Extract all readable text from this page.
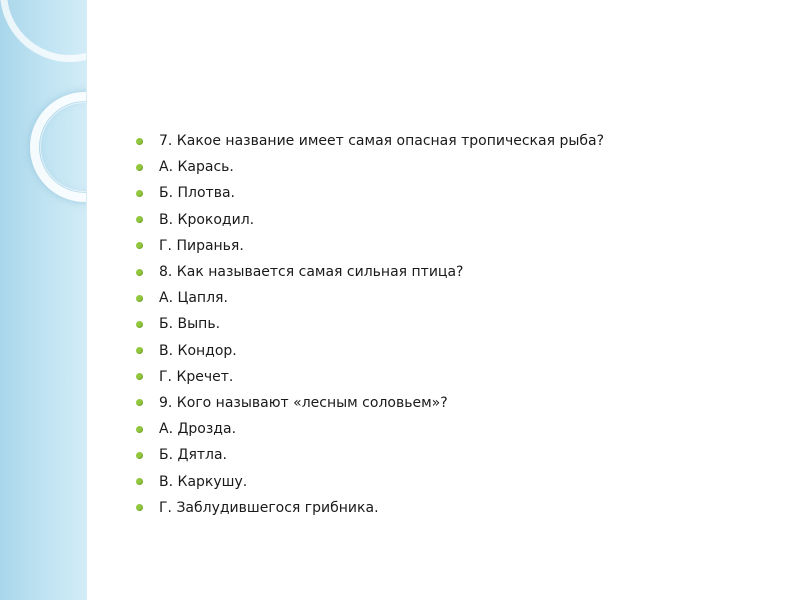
7. Какое название имеет самая опасная тропическая рыба?
А. Карась.
Б. Плотва.
В. Крокодил.
Г. Пиранья.
8. Как называется самая сильная птица?
А. Цапля.
Б. Выпь.
В. Кондор.
Г. Кречет.
9. Кого называют «лесным соловьем»?
А. Дрозда.
Б. Дятла.
В. Каркушу.
Г. Заблудившегося грибника.
